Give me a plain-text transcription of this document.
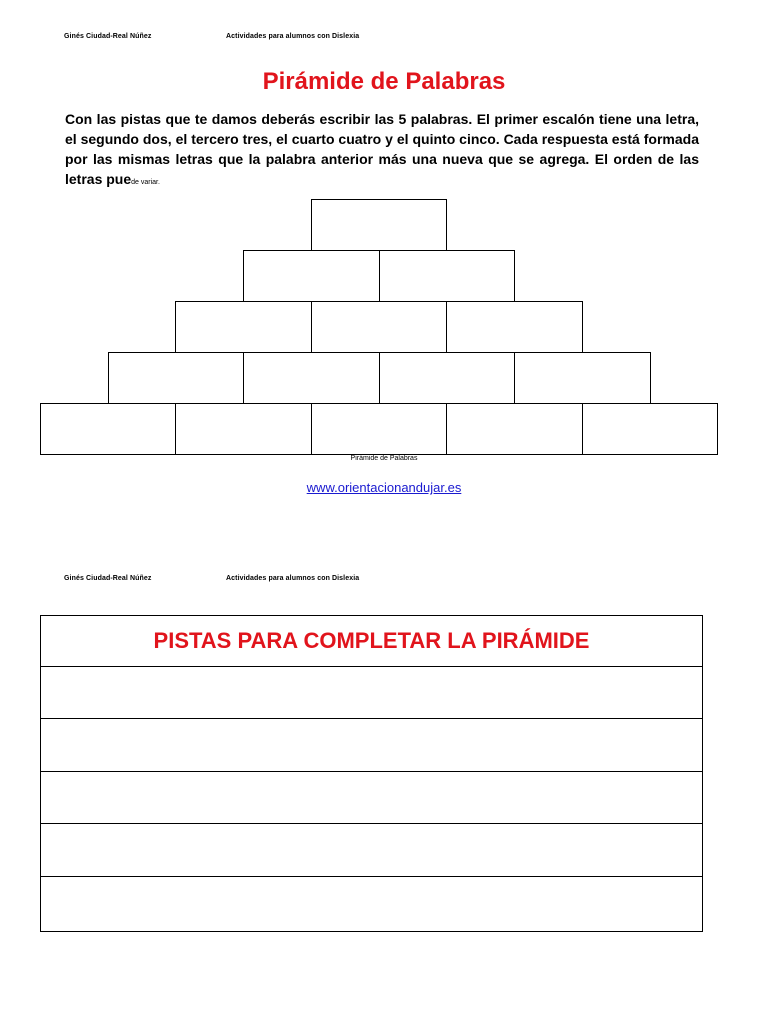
Ginés Ciudad-Real Núñez	Actividades para alumnos con Dislexia
Pirámide de Palabras

Con las pistas que te damos deberás escribir las 5 palabras. El primer escalón tiene una letra, el segundo dos, el tercero tres, el cuarto cuatro y el quinto cinco. Cada respuesta está formada por las mismas letras que la palabra anterior más una nueva que se agrega. El orden de las letras puede variar.

Pirámide de Palabras
www.orientacionandujar.es
Ginés Ciudad-Real Núñez	Actividades para alumnos con Dislexia
PISTAS PARA COMPLETAR LA PIRÁMIDE
